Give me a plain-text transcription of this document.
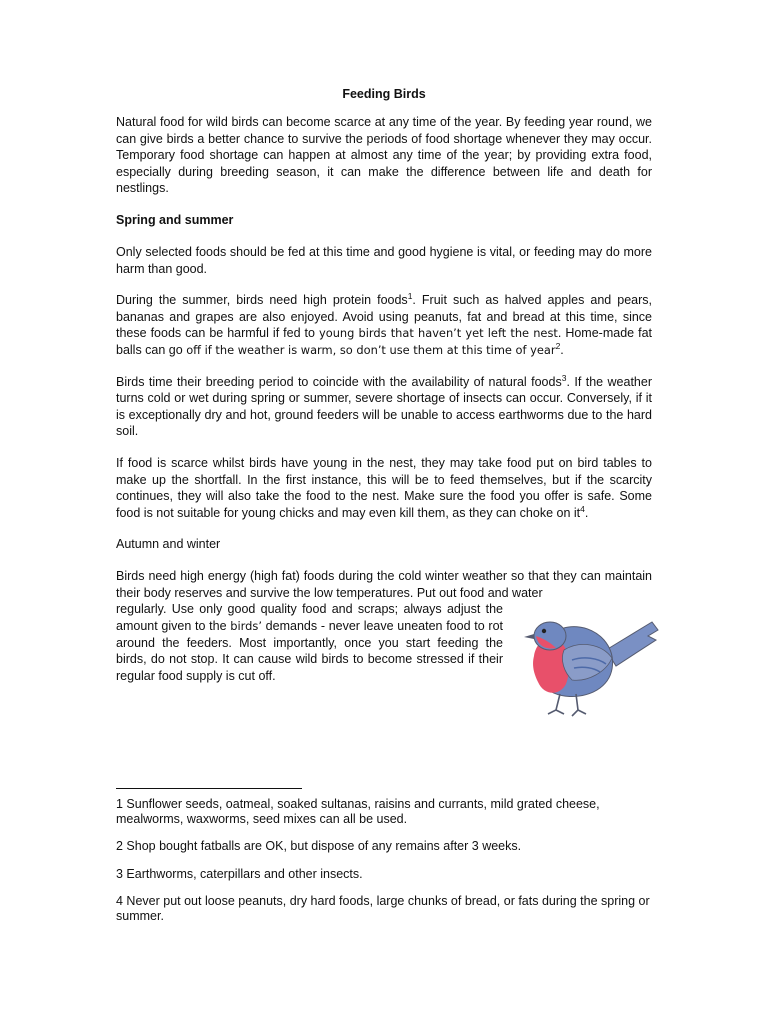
Feeding Birds

Natural food for wild birds can become scarce at any time of the year. By feeding year round, we can give birds a better chance to survive the periods of food shortage whenever they may occur. Temporary food shortage can happen at almost any time of the year; by providing extra food, especially during breeding season, it can make the difference between life and death for nestlings.

Spring and summer

Only selected foods should be fed at this time and good hygiene is vital, or feeding may do more harm than good.

During the summer, birds need high protein foods$^1$. Fruit such as halved apples and pears, bananas and grapes are also enjoyed. Avoid using peanuts, fat and bread at this time, since these foods can be harmful if fed to young birds that haven’t yet left the nest. Home-made fat balls can go off if the weather is warm, so don’t use them at this time of year$^2$.

Birds time their breeding period to coincide with the availability of natural foods$^3$. If the weather turns cold or wet during spring or summer, severe shortage of insects can occur. Conversely, if it is exceptionally dry and hot, ground feeders will be unable to access earthworms due to the hard soil.

If food is scarce whilst birds have young in the nest, they may take food put on bird tables to make up the shortfall. In the first instance, this will be to feed themselves, but if the scarcity continues, they will also take the food to the nest. Make sure the food you offer is safe. Some food is not suitable for young chicks and may even kill them, as they can choke on $it^4$.

Autumn and winter

Birds need high energy (high fat) foods during the cold winter weather so that they can maintain their body reserves and survive the low temperatures. Put out food and water

regularly. Use only good quality food and scraps; always adjust the amount given to the birds’ demands - never leave uneaten food to rot around the feeders. Most importantly, once you start feeding the birds, do not stop. It can cause wild birds to become stressed if their regular food supply is cut off.

1 Sunflower seeds, oatmeal, soaked sultanas, raisins and currants, mild grated cheese, mealworms, waxworms, seed mixes can all be used.

2 Shop bought fatballs are OK, but dispose of any remains after 3 weeks.

3 Earthworms, caterpillars and other insects.

4 Never put out loose peanuts, dry hard foods, large chunks of bread, or fats during the spring or summer.
